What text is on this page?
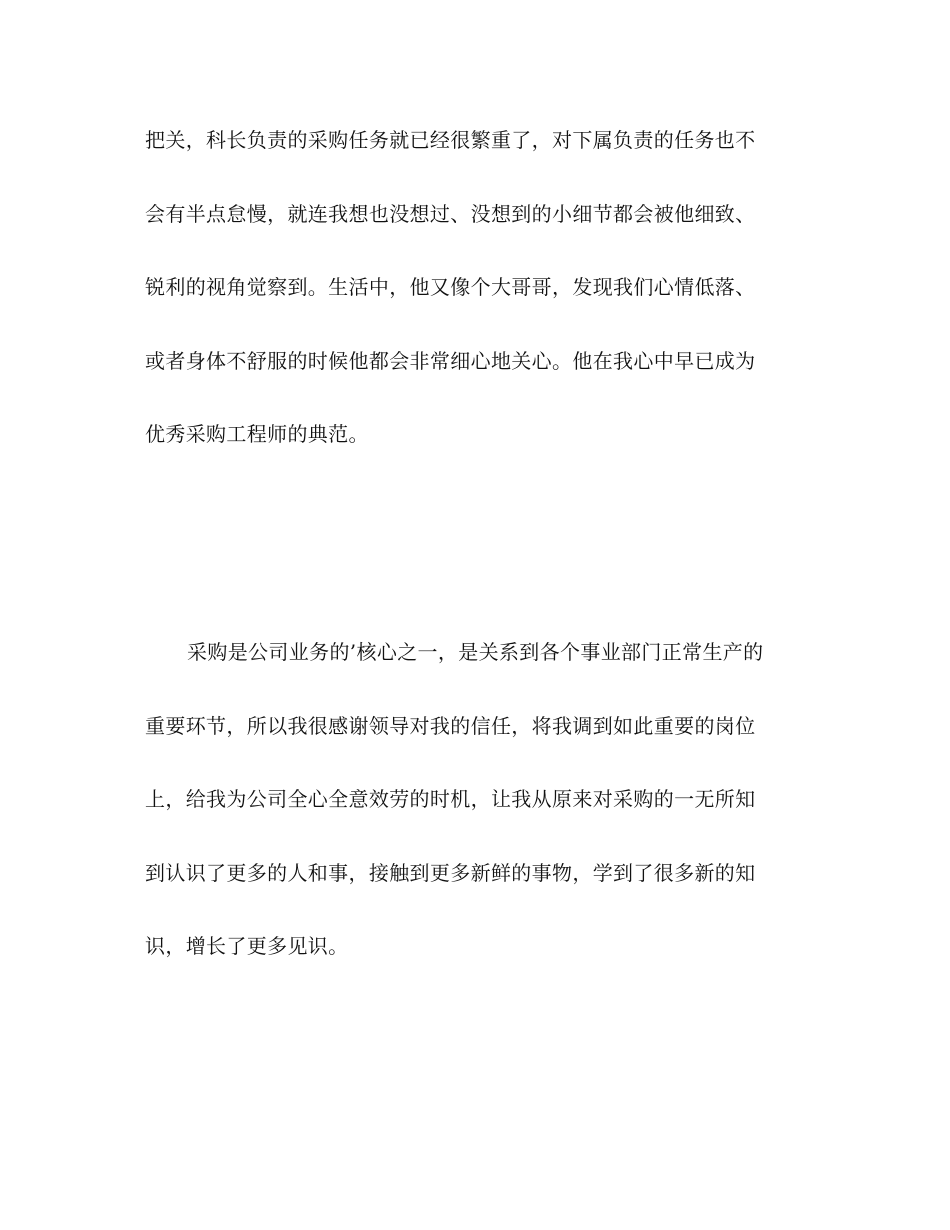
把关，科长负责的采购任务就已经很繁重了，对下属负责的任务也不
会有半点怠慢，就连我想也没想过、没想到的小细节都会被他细致、
锐利的视角觉察到。生活中，他又像个大哥哥，发现我们心情低落、
或者身体不舒服的时候他都会非常细心地关心。他在我心中早已成为
优秀采购工程师的典范。
采购是公司业务的’核心之一，是关系到各个事业部门正常生产的
重要环节，所以我很感谢领导对我的信任，将我调到如此重要的岗位
上，给我为公司全心全意效劳的时机，让我从原来对采购的一无所知
到认识了更多的人和事，接触到更多新鲜的事物，学到了很多新的知
识，增长了更多见识。
